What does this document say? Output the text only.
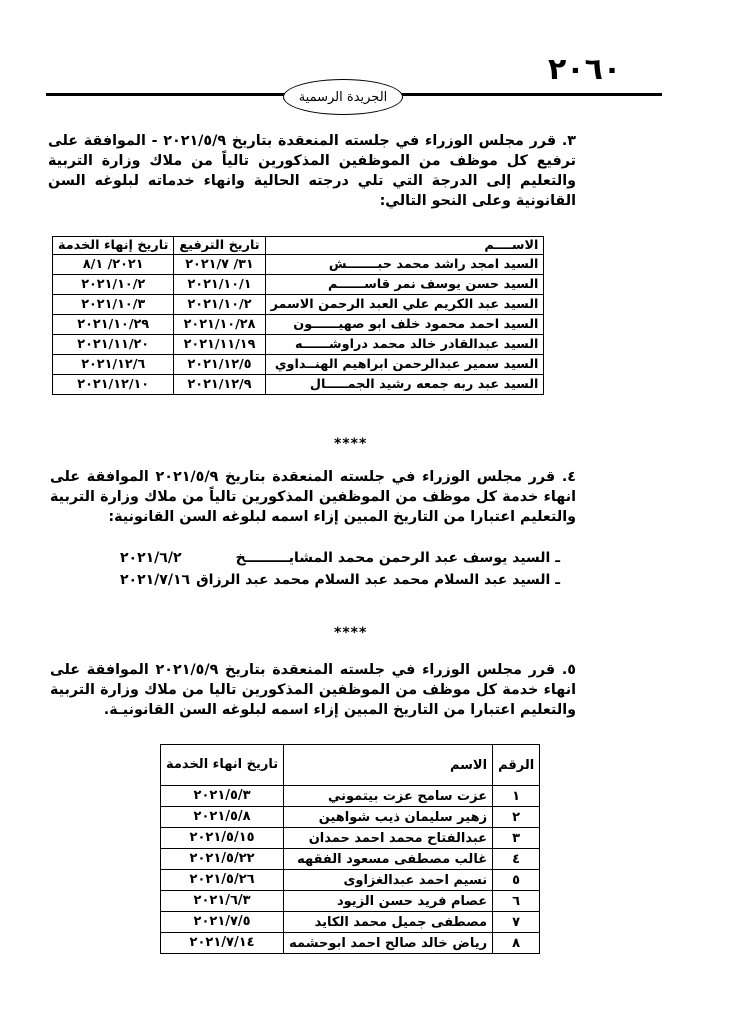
٢٠٦٠
الجريدة الرسمية
٣. قرر مجلس الوزراء في جلسته المنعقدة بتاريخ ٢٠٢١/٥/٩ - الموافقة على ترفيع كل موظف من الموظفين المذكورين تالياً من ملاك وزارة التربية والتعليم إلى الدرجة التي تلي درجته الحالية وانهاء خدماته لبلوغه السن القانونية وعلى النحو التالي:
الاســــم	تاريخ الترفيع	تاريخ إنهاء الخدمة
السيد امجد راشد محمد حبـــــــش	٣١/ ٢٠٢١/٧	٢٠٢١/ ٨/١
السيد حسن يوسف نمر قاســــــم	٢٠٢١/١٠/١	٢٠٢١/١٠/٢
السيد عبد الكريم علي العبد الرحمن الاسمر	٢٠٢١/١٠/٢	٢٠٢١/١٠/٣
السيد احمد محمود خلف ابو صهيــــــون	٢٠٢١/١٠/٢٨	٢٠٢١/١٠/٢٩
السيد عبدالقادر خالد محمد دراوشــــــه	٢٠٢١/١١/١٩	٢٠٢١/١١/٢٠
السيد سمير عبدالرحمن ابراهيم الهنــداوي	٢٠٢١/١٢/٥	٢٠٢١/١٢/٦
السيد عبد ربه جمعه رشيد الجمـــــال	٢٠٢١/١٢/٩	٢٠٢١/١٢/١٠
****
٤. قرر مجلس الوزراء في جلسته المنعقدة بتاريخ ٢٠٢١/٥/٩ الموافقة على انهاء خدمة كل موظف من الموظفين المذكورين تالياً من ملاك وزارة التربية والتعليم اعتبارا من التاريخ المبين إزاء اسمه لبلوغه السن القانونية:
ـ السيد يوسف عبد الرحمن محمد المشايـــــــــخ
٢٠٢١/٦/٢
ـ السيد عبد السلام محمد عبد السلام محمد عبد الرزاق
٢٠٢١/٧/١٦
****
٥. قرر مجلس الوزراء في جلسته المنعقدة بتاريخ ٢٠٢١/٥/٩ الموافقة على انهاء خدمة كل موظف من الموظفين المذكورين تاليا من ملاك وزارة التربية والتعليم اعتبارا من التاريخ المبين إزاء اسمه لبلوغه السن القانونيـة.
الرقم	الاسم	تاريخ انهاء الخدمة
١	عزت سامح عزت بيتموني	٢٠٢١/٥/٣
٢	زهير سليمان ذيب شواهين	٢٠٢١/٥/٨
٣	عبدالفتاح محمد احمد حمدان	٢٠٢١/٥/١٥
٤	غالب مصطفى مسعود الفقهه	٢٠٢١/٥/٢٢
٥	نسيم احمد عبدالغزاوى	٢٠٢١/٥/٢٦
٦	عصام فريد حسن الزيود	٢٠٢١/٦/٣
٧	مصطفى جميل محمد الكايد	٢٠٢١/٧/٥
٨	رياض خالد صالح احمد ابوحشمه	٢٠٢١/٧/١٤
